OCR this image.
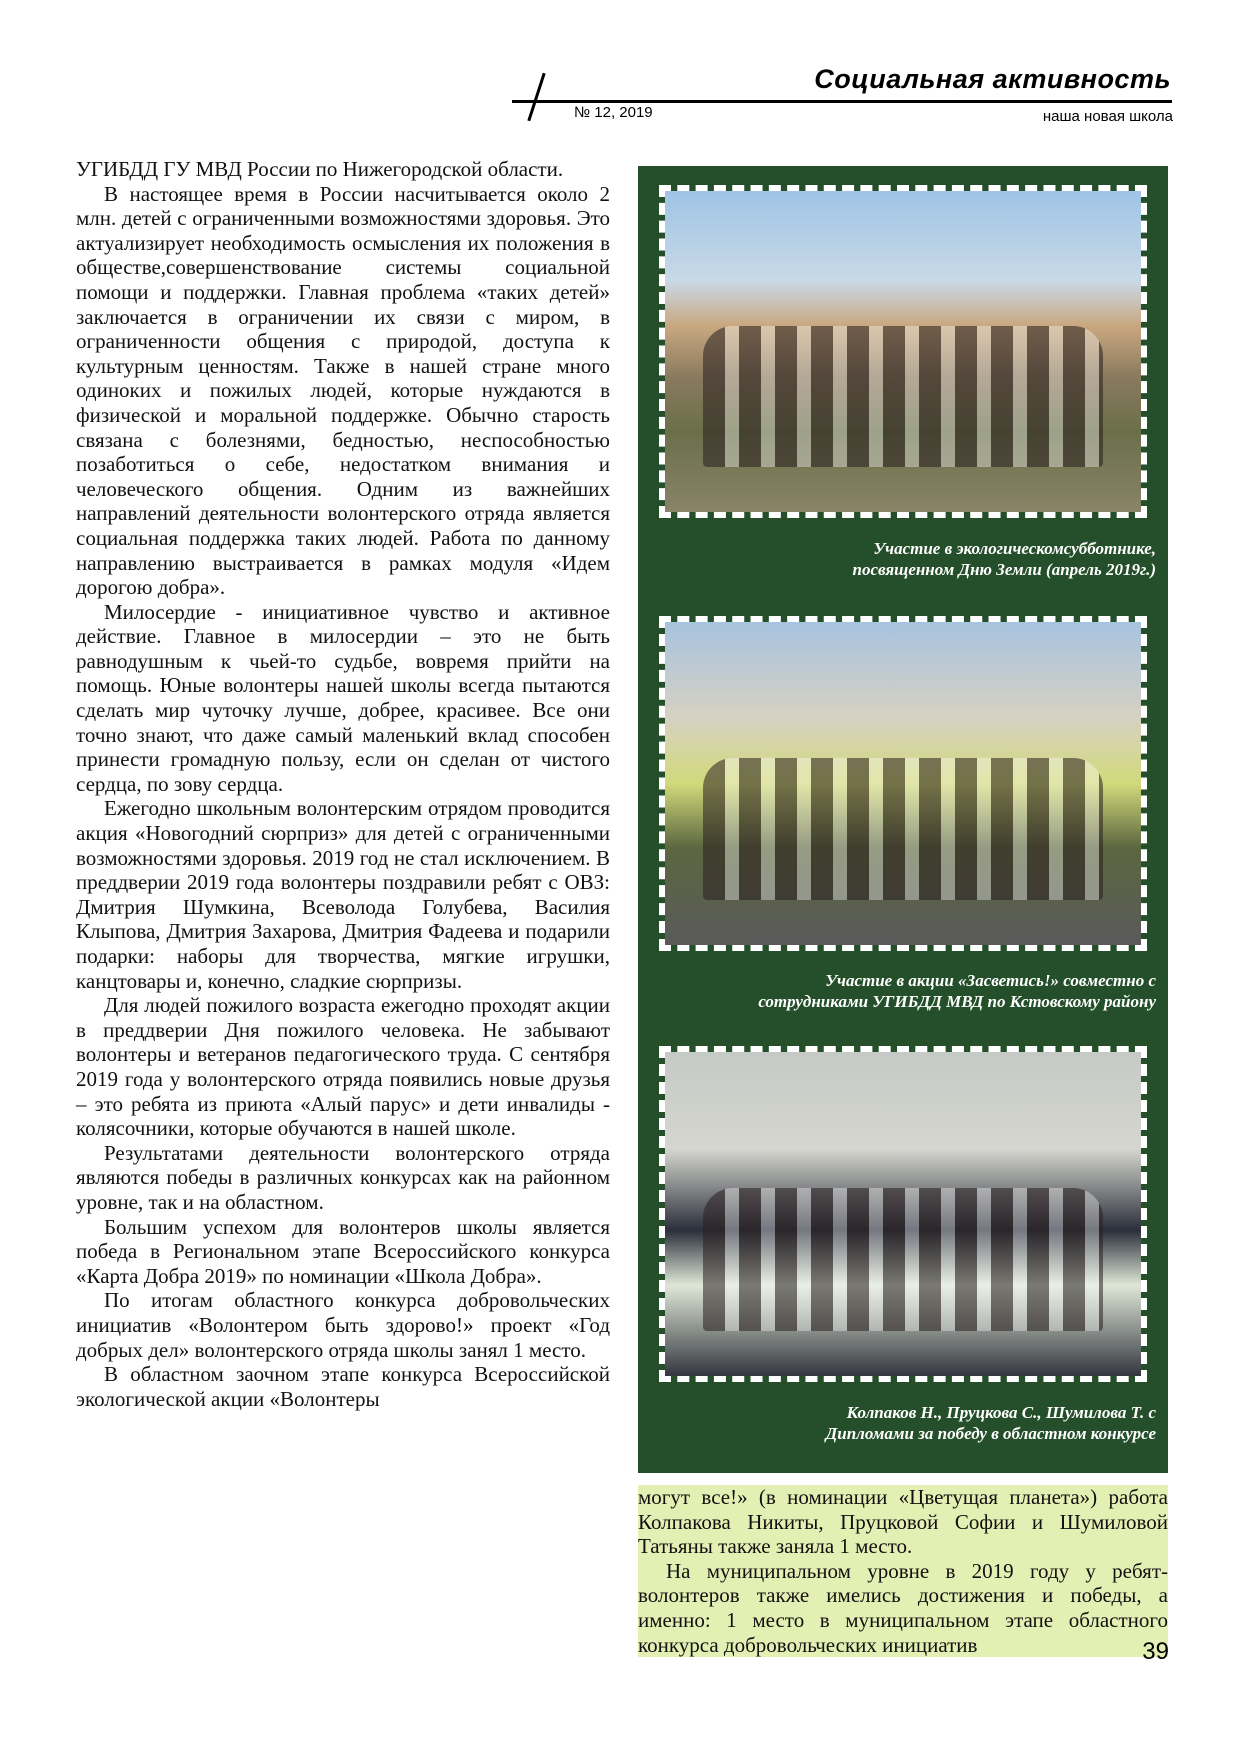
Социальная активность
№ 12, 2019	наша новая школа

УГИБДД ГУ МВД России по Нижегородской области.

В настоящее время в России насчитывается около 2 млн. детей с ограниченными возможностями здоровья. Это актуализирует необходимость осмысления их положения в обществе,совершенствование системы социальной помощи и поддержки. Главная проблема «таких детей» заключается в ограничении их связи с миром, в ограниченности общения с природой, доступа к культурным ценностям. Также в нашей стране много одиноких и пожилых людей, которые нуждаются в физической и моральной поддержке. Обычно старость связана с болезнями, бедностью, неспособностью позаботиться о себе, недостатком внимания и человеческого общения. Одним из важнейших направлений деятельности волонтерского отряда является социальная поддержка таких людей. Работа по данному направлению выстраивается в рамках модуля «Идем дорогою добра».

Милосердие - инициативное чувство и активное действие. Главное в милосердии – это не быть равнодушным к чьей-то судьбе, вовремя прийти на помощь. Юные волонтеры нашей школы всегда пытаются сделать мир чуточку лучше, добрее, красивее. Все они точно знают, что даже самый маленький вклад способен принести громадную пользу, если он сделан от чистого сердца, по зову сердца.

Ежегодно школьным волонтерским отрядом проводится акция «Новогодний сюрприз» для детей с ограниченными возможностями здоровья. 2019 год не стал исключением. В преддверии 2019 года волонтеры поздравили ребят с ОВЗ: Дмитрия Шумкина, Всеволода Голубева, Василия Клыпова, Дмитрия Захарова, Дмитрия Фадеева и подарили подарки: наборы для творчества, мягкие игрушки, канцтовары и, конечно, сладкие сюрпризы.

Для людей пожилого возраста ежегодно проходят акции в преддверии Дня пожилого человека. Не забывают волонтеры и ветеранов педагогического труда. С сентября 2019 года у волонтерского отряда появились новые друзья – это ребята из приюта «Алый парус» и дети инвалиды - колясочники, которые обучаются в нашей школе.

Результатами деятельности волонтерского отряда являются победы в различных конкурсах как на районном уровне, так и на областном.

Большим успехом для волонтеров школы является победа в Региональном этапе Всероссийского конкурса «Карта Добра 2019» по номинации «Школа Добра».

По итогам областного конкурса добровольческих инициатив «Волонтером быть здорово!» проект «Год добрых дел» волонтерского отряда школы занял 1 место.

В областном заочном этапе конкурса Всероссийской экологической акции «Волонтеры

Участие в экологическомсубботнике,
посвященном Дню Земли (апрель 2019г.)
Участие в акции «Засветись!» совместно с
сотрудниками УГИБДД МВД по Кстовскому району
Колпаков Н., Пруцкова С., Шумилова Т. с
Дипломами за победу в областном конкурсе

могут все!» (в номинации «Цветущая планета») работа Колпакова Никиты, Пруцковой Софии и Шумиловой Татьяны также заняла 1 место.

На муниципальном уровне в 2019 году у ребят-волонтеров также имелись достижения и победы, а именно: 1 место в муниципальном этапе областного конкурса добровольческих инициатив	39
